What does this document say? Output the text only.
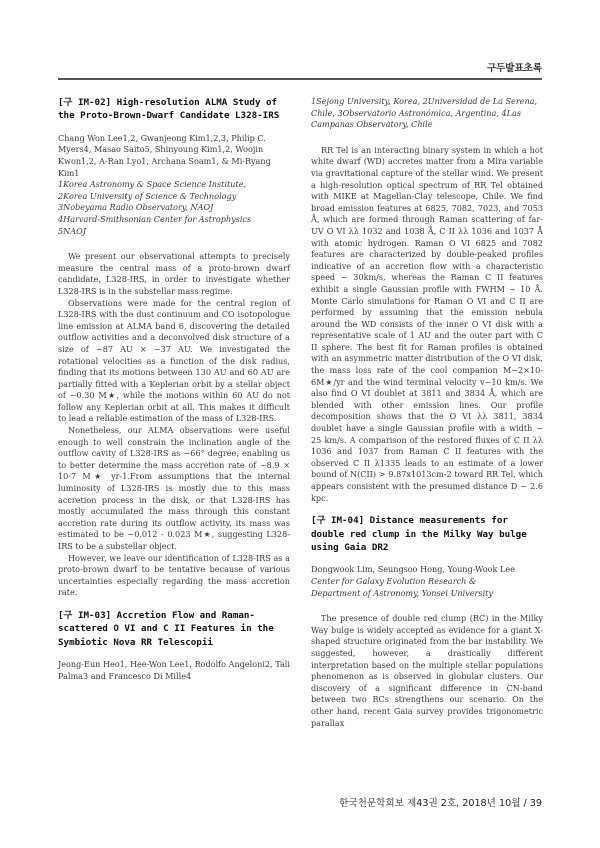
구두발표초록
[구 IM-02] High-resolution ALMA Study of the Proto-Brown-Dwarf Candidate L328-IRS
Chang Won Lee1,2, Gwanjeong Kim1,2,3, Philip C. Myers4, Masao Saito5, Shinyoung Kim1,2, Woojin Kwon1,2, A-Ran Lyo1, Archana Soam1, & Mi-Ryang Kim1
1Korea Astronomy & Space Science Institute,
2Korea University of Science & Technology
3Nobeyama Radio Observatory, NAOJ
4Harvard-Smithsonian Center for Astrophysics
5NAOJ

We present our observational attempts to precisely measure the central mass of a proto-brown dwarf candidate, L328-IRS, in order to investigate whether L328-IRS is in the substellar mass regime.

Observations were made for the central region of L328-IRS with the dust continuum and CO isotopologue line emission at ALMA band 6, discovering the detailed outflow activities and a deconvolved disk structure of a size of ~87 AU × ~37 AU. We investigated the rotational velocities as a function of the disk radius, finding that its motions between 130 AU and 60 AU are partially fitted with a Keplerian orbit by a stellar object of ~0.30 M★, while the motions within 60 AU do not follow any Keplerian orbit at all. This makes it difficult to lead a reliable estimation of the mass of L328-IRS.

Nonetheless, our ALMA observations were useful enough to well constrain the inclination angle of the outflow cavity of L328-IRS as ~66° degree, enabling us to better determine the mass accretion rate of ~8.9 × 10-7 M★ yr-1.From assumptions that the internal luminosity of L328-IRS is mostly due to this mass accretion process in the disk, or that L328-IRS has mostly accumulated the mass through this constant accretion rate during its outflow activity, its mass was estimated to be ~0.012 - 0.023 M★, suggesting L328-IRS to be a substellar object.

However, we leave our identification of L328-IRS as a proto-brown dwarf to be tentative because of various uncertainties especially regarding the mass accretion rate.

[구 IM-03] Accretion Flow and Raman-scattered O VI and C II Features in the Symbiotic Nova RR Telescopii
Jeong-Eun Heo1, Hee-Won Lee1, Rodolfo Angeloni2, Tali Palma3 and Francesco Di Mille4
1Sejong University, Korea, 2Universidad de La Serena, Chile, 3Observatorio Astronómica, Argentina, 4Las Campanas Observatory, Chile

RR Tel is an interacting binary system in which a hot white dwarf (WD) accretes matter from a Mira variable via gravitational capture of the stellar wind. We present a high-resolution optical spectrum of RR Tel obtained with MIKE at Magellan-Clay telescope, Chile. We find broad emission features at 6825, 7082, 7023, and 7053 Å, which are formed through Raman scattering of far-UV O VI λλ 1032 and 1038 Å, C II λλ 1036 and 1037 Å with atomic hydrogen. Raman O VI 6825 and 7082 features are characterized by double-peaked profiles indicative of an accretion flow with a characteristic speed ~ 30km/s, whereas the Raman C II features exhibit a single Gaussian profile with FWHM ~ 10 Å. Monte Carlo simulations for Raman O VI and C II are performed by assuming that the emission nebula around the WD consists of the inner O VI disk with a representative scale of 1 AU and the outer part with C II sphere. The best fit for Raman profiles is obtained with an asymmetric matter distribution of the O VI disk, the mass loss rate of the cool companion M~2×10-6M★/yr and the wind terminal velocity v~10 km/s. We also find O VI doublet at 3811 and 3834 Å, which are blended with other emission lines. Our profile decomposition shows that the O VI λλ 3811, 3834 doublet have a single Gaussian profile with a width ~ 25 km/s. A comparison of the restored fluxes of C II λλ 1036 and 1037 from Raman C II features with the observed C II λ1335 leads to an estimate of a lower bound of N(CII) > 9.87x1013cm-2 toward RR Tel, which appears consistent with the presumed distance D ~ 2.6 kpc.

[구 IM-04] Distance measurements for double red clump in the Milky Way bulge using Gaia DR2
Dongwook Lim, Seungsoo Hong, Young-Wook Lee
Center for Galaxy Evolution Research &
Department of Astronomy, Yonsei University

The presence of double red clump (RC) in the Milky Way bulge is widely accepted as evidence for a giant X-shaped structure originated from the bar instability. We suggested, however, a drastically different interpretation based on the multiple stellar populations phenomenon as is observed in globular clusters. Our discovery of a significant difference in CN-band between two RCs strengthens our scenario. On the other hand, recent Gaia survey provides trigonometric parallax

한국천문학회보 제43권 2호, 2018년 10월 / 39
